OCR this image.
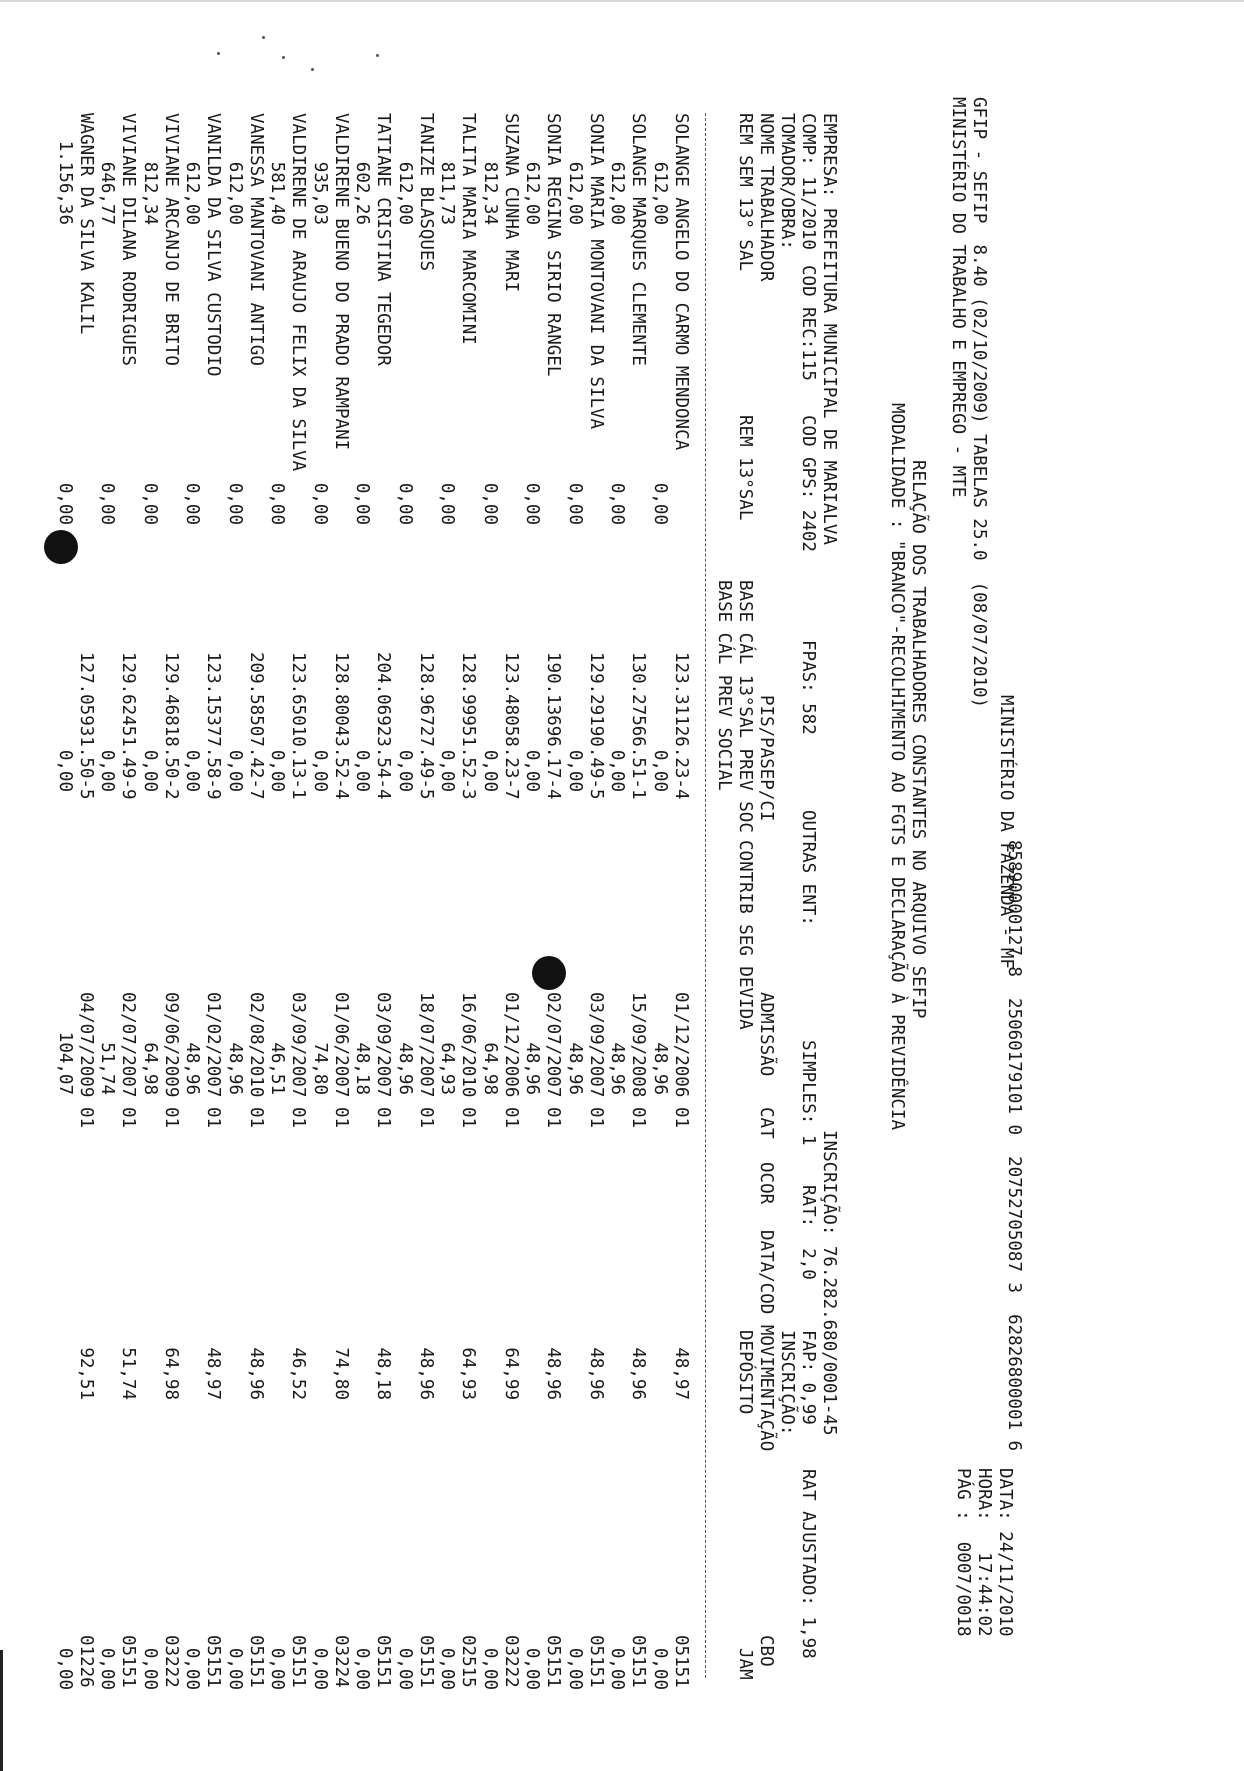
MINISTÉRIO DO TRABALHO E EMPREGO - MTE
MINISTÉRIO DA FAZENDA - MF
DATA: 24/11/2010
GFIP - SEFIP  8.40 (02/10/2009) TABELAS 25.0  (08/07/2010)
HORA:   17:44:02
PÁG :  0007/0018
RELAÇÃO DOS TRABALHADORES CONSTANTES NO ARQUIVO SEFIP
MODALIDADE : "BRANCO"-RECOLHIMENTO AO FGTS E DECLARAÇÃO À PREVIDÊNCIA
85890000127 8  25060179101 0  20752705087 3  62826800001 6
EMPRESA: PREFEITURA MUNICIPAL DE MARIALVA
INSCRIÇÃO: 76.282.680/0001-45
COMP: 11/2010
COD REC:115
COD GPS: 2402
FPAS: 582
OUTRAS ENT:
SIMPLES: 1
RAT:  2,0
FAP: 0,99
RAT AJUSTADO: 1,98
TOMADOR/OBRA:
INSCRIÇÃO:
NOME TRABALHADOR
PIS/PASEP/CI
ADMISSÃO
CAT
OCOR
DATA/COD MOVIMENTAÇÃO
CBO
REM SEM 13° SAL
REM 13°SAL
BASE CÁL 13°SAL PREV SOC
CONTRIB SEG DEVIDA
DEPÓSITO
JAM
BASE CÁL PREV SOCIAL
SOLANGE ANGELO DO CARMO MENDONCA
123.31126.23-4
01/12/2006
01
05151
612,00
0,00
0,00
48,96
48,97
0,00
SOLANGE MARQUES CLEMENTE
130.27566.51-1
15/09/2008
01
05151
612,00
0,00
0,00
48,96
48,96
0,00
SONIA MARIA MONTOVANI DA SILVA
129.29190.49-5
03/09/2007
01
05151
612,00
0,00
0,00
48,96
48,96
0,00
SONIA REGINA SIRIO RANGEL
190.13696.17-4
02/07/2007
01
05151
612,00
0,00
0,00
48,96
48,96
0,00
SUZANA CUNHA MARI
123.48058.23-7
01/12/2006
01
03222
812,34
0,00
0,00
64,98
64,99
0,00
TALITA MARIA MARCOMINI
128.99951.52-3
16/06/2010
01
02515
811,73
0,00
0,00
64,93
64,93
0,00
TANIZE BLASQUES
128.96727.49-5
18/07/2007
01
05151
612,00
0,00
0,00
48,96
48,96
0,00
TATIANE CRISTINA TEGEDOR
204.06923.54-4
03/09/2007
01
05151
602,26
0,00
0,00
48,18
48,18
0,00
VALDIRENE BUENO DO PRADO RAMPANI
128.80043.52-4
01/06/2007
01
03224
935,03
0,00
0,00
74,80
74,80
0,00
VALDIRENE DE ARAUJO FELIX DA SILVA
123.65010.13-1
03/09/2007
01
05151
581,40
0,00
0,00
46,51
46,52
0,00
VANESSA MANTOVANI ANTIGO
209.58507.42-7
02/08/2010
01
05151
612,00
0,00
0,00
48,96
48,96
0,00
VANILDA DA SILVA CUSTODIO
123.15377.58-9
01/02/2007
01
05151
612,00
0,00
0,00
48,96
48,97
0,00
VIVIANE ARCANJO DE BRITO
129.46818.50-2
09/06/2009
01
03222
812,34
0,00
0,00
64,98
64,98
0,00
VIVIANE DILANA RODRIGUES
129.62451.49-9
02/07/2007
01
05151
646,77
0,00
0,00
51,74
51,74
0,00
WAGNER DA SILVA KALIL
127.05931.50-5
04/07/2009
01
01226
1.156,36
0,00
0,00
104,07
92,51
0,00
